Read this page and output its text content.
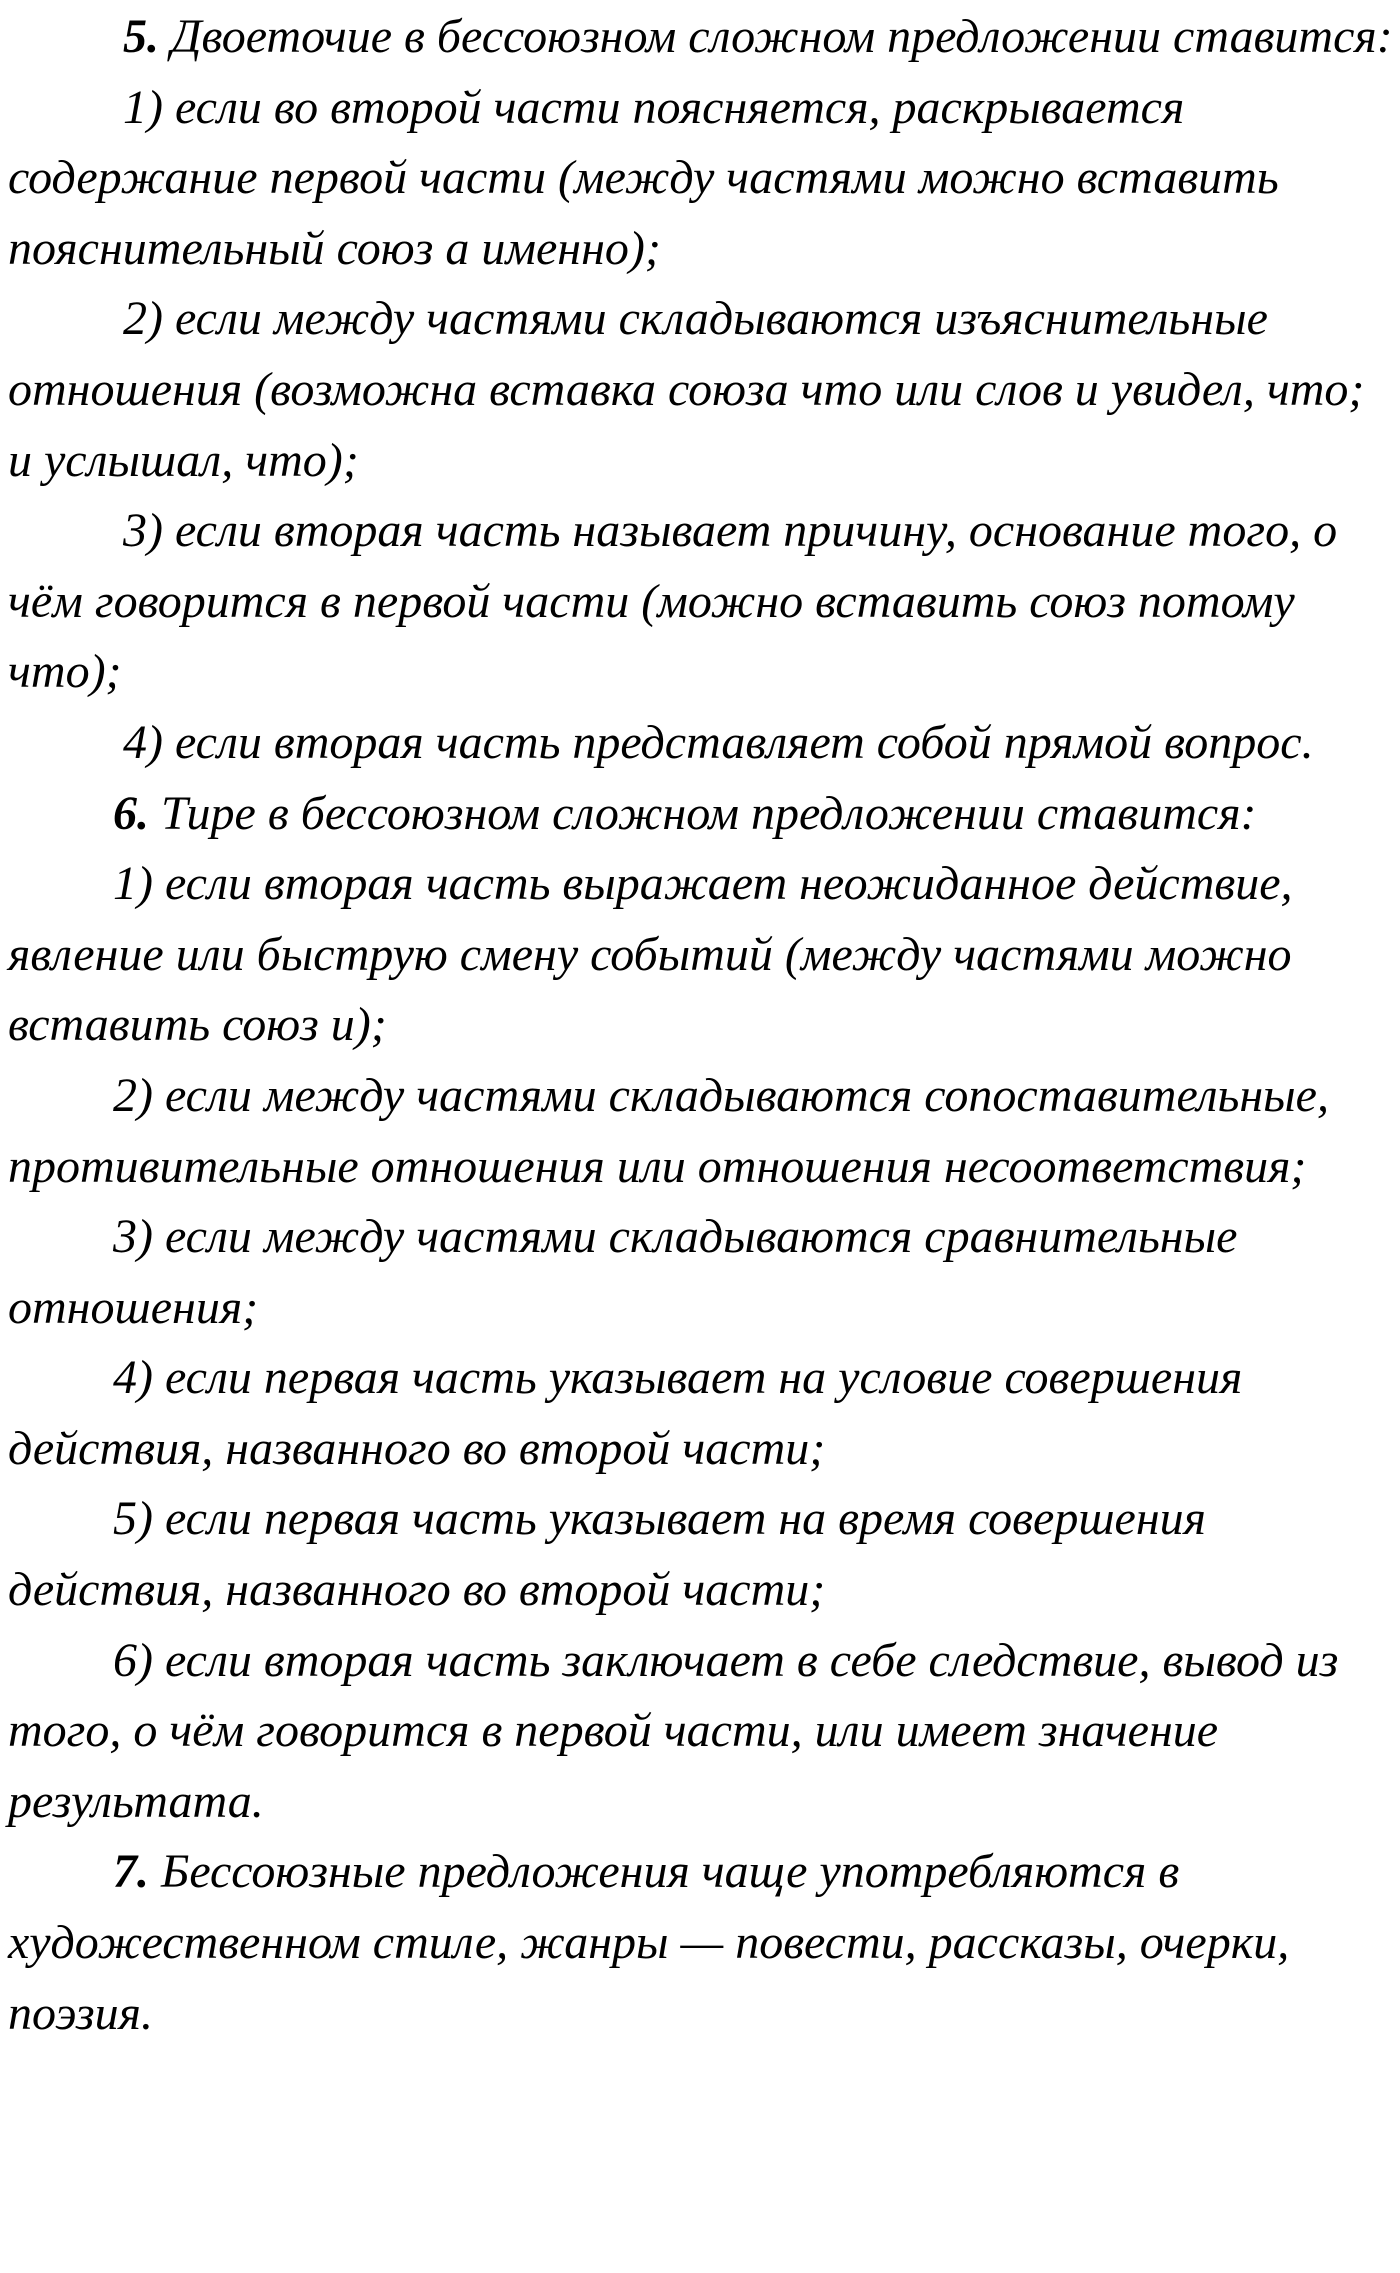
5. Двоеточие в бессоюзном сложном предложении ставится:

1) если во второй части поясняется, раскрывается содержание первой части (между частями можно вставить пояснительный союз а именно);

2) если между частями складываются изъяснительные отношения (возможна вставка союза что или слов и увидел, что; и услышал, что);

3) если вторая часть называет причину, основание того, о чём говорится в первой части (можно вставить союз потому что);

4) если вторая часть представляет собой прямой вопрос.

6. Тире в бессоюзном сложном предложении ставится:

1) если вторая часть выражает неожиданное действие, явление или быструю смену событий (между частями можно вставить союз и);

2) если между частями складываются сопоставительные, противительные отношения или отношения несоответствия;

3) если между частями складываются сравнительные отношения;

4) если первая часть указывает на условие совершения действия, названного во второй части;

5) если первая часть указывает на время совершения действия, названного во второй части;

6) если вторая часть заключает в себе следствие, вывод из того, о чём говорится в первой части, или имеет значение результата.

7. Бессоюзные предложения чаще употребляются в художественном стиле, жанры — повести, рассказы, очерки, поэзия.
